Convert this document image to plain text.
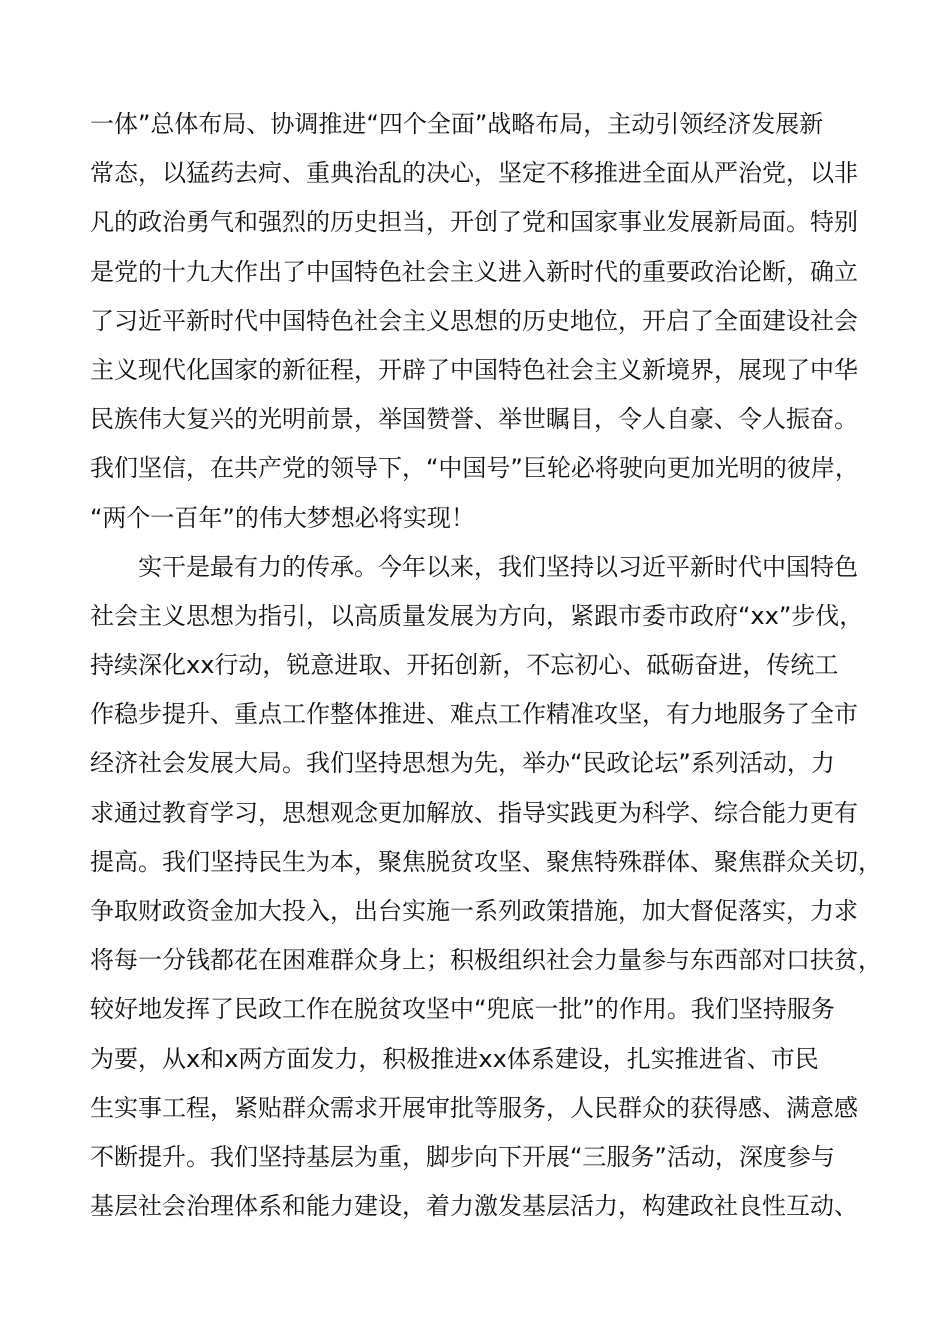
一体”总体布局、协调推进“四个全面”战略布局，主动引领经济发展新
常态，以猛药去疴、重典治乱的决心，坚定不移推进全面从严治党，以非
凡的政治勇气和强烈的历史担当，开创了党和国家事业发展新局面。特别
是党的十九大作出了中国特色社会主义进入新时代的重要政治论断，确立
了习近平新时代中国特色社会主义思想的历史地位，开启了全面建设社会
主义现代化国家的新征程，开辟了中国特色社会主义新境界，展现了中华
民族伟大复兴的光明前景，举国赞誉、举世瞩目，令人自豪、令人振奋。
我们坚信，在共产党的领导下，“中国号”巨轮必将驶向更加光明的彼岸，
“两个一百年”的伟大梦想必将实现！
　　实干是最有力的传承。今年以来，我们坚持以习近平新时代中国特色
社会主义思想为指引，以高质量发展为方向，紧跟市委市政府“xx”步伐，
持续深化xx行动，锐意进取、开拓创新，不忘初心、砥砺奋进，传统工
作稳步提升、重点工作整体推进、难点工作精准攻坚，有力地服务了全市
经济社会发展大局。我们坚持思想为先，举办“民政论坛”系列活动，力
求通过教育学习，思想观念更加解放、指导实践更为科学、综合能力更有
提高。我们坚持民生为本，聚焦脱贫攻坚、聚焦特殊群体、聚焦群众关切，
争取财政资金加大投入，出台实施一系列政策措施，加大督促落实，力求
将每一分钱都花在困难群众身上；积极组织社会力量参与东西部对口扶贫，
较好地发挥了民政工作在脱贫攻坚中“兜底一批”的作用。我们坚持服务
为要，从x和x两方面发力，积极推进xx体系建设，扎实推进省、市民
生实事工程，紧贴群众需求开展审批等服务，人民群众的获得感、满意感
不断提升。我们坚持基层为重，脚步向下开展“三服务”活动，深度参与
基层社会治理体系和能力建设，着力激发基层活力，构建政社良性互动、
